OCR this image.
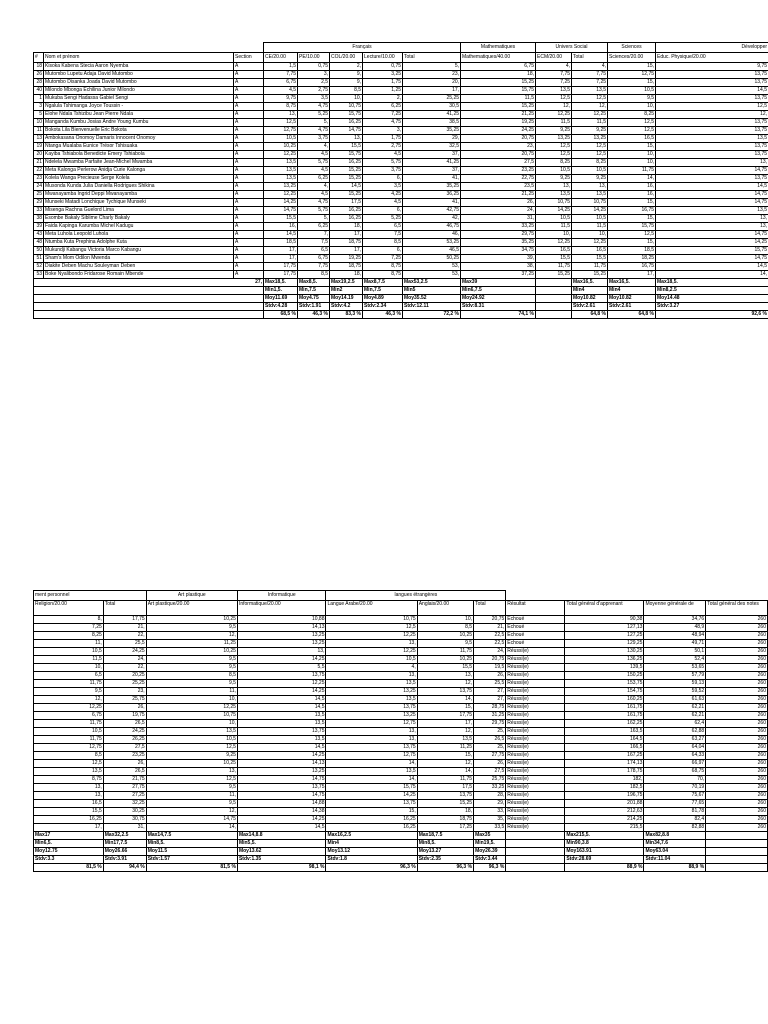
			Français					Mathematiques	Univers Social		Sciences	Développer	
#	Nom et prénom	Section	CE/20.00	PE/10.00	COL/20.00	Lecture/10.00	Total	Mathematiques/40.00	ECM/20.00	Total	Sciences/20.00	Educ. Physique/20.00	
18	Kisoka Kabena Stecia Aaron Nyemba	A	1,5	0,75	2,	0,75	5,	6,75	4,	4,	15,	9,75	
26	Mutombo Lupetu Adaja David Mutombo	A	7,75	3,	9,	3,25	23,	18,	7,75	7,75	12,75	13,75	
28	Mutombo Disanka Joada David Mutombo	A	6,75	2,5	9,	1,75	20,	15,25	7,25	7,25	15,	13,75	
40	Milondo Mbonga Echilina Junior Milondo	A	4,5	2,75	8,5	1,25	17,	15,75	13,5	13,5	10,5	14,5	
1	Mukuba Sengi Hadassa Gabiel Sengi	A	9,75	3,5	10,	2,	25,25	11,5	12,5	12,5	9,5	13,75	
3	Ngalula Tshimanga Joyce Toussin -	A	8,75	4,75	10,75	6,25	30,5	15,25	12,	12,	10,	12,5	
5	Elohe Ndala Tshizibu Jean Pierre Ndala	A	13,	5,25	15,75	7,25	41,25	21,25	12,25	12,25	8,25	12,	
10	Manganda Kumbu Josias Andre Young Kumbu	A	12,5	5,	16,25	4,75	38,5	19,25	11,5	11,5	12,5	13,75	
11	Bokota Lila Bienvenuelle Eric Bokota	A	12,75	4,75	14,75	3,	35,25	24,25	9,25	9,25	12,5	13,75	
13	Ambokasana Onomoy Damaris Innocent Onomoy	A	10,5	3,75	13,	1,75	29,	20,75	13,25	13,25	16,5	13,5	
19	Ntanga Mualaba Eunice Trésor Tshisuaka	A	10,25	4,	15,5	2,75	32,5	23,	12,5	12,5	15,	13,75	
20	Kayiba Tshiabola Benedicte Emery Tshiabola	A	12,25	4,5	15,75	4,5	37,	20,75	12,5	12,5	10,	13,75	
21	Ndelela Mwamba Parfaite Jean-Michel Mwamba	A	13,5	5,75	16,25	5,75	41,25	27,5	8,25	8,25	10,	13,	
22	Meta Kalonga Perlerow Anidja Curie Kalonga	A	13,5	4,5	15,25	3,75	37,	23,25	10,5	10,5	11,75	14,75	
23	Kolela Wanga Precieuse Serge Kolela	A	13,5	6,25	15,25	6,	41,	22,75	9,25	9,25	14,	13,75	
24	Musonda Kunda Julia Daniella Rodrigues Shikina	A	13,25	4,	14,5	3,5	35,25	23,5	13,	13,	16,	14,5	
25	Mwanayamba Ingrid Deppi Mwanayamba	A	12,25	4,5	15,25	4,25	36,25	21,25	13,5	13,5	16,	14,75	
29	Munseki Matadi Lonchique Tychique Munseki	A	14,25	4,75	17,5	4,5	41,	26,	10,75	10,75	15,	14,75	
33	Misenga Rachna Guelord Lima	A	14,75	5,75	16,25	6,	42,75	24,	14,25	14,25	16,75	13,5	
38	Esombe Bakaly Siblime Charly Bakaly	A	15,5	5,	16,25	5,25	42,	31,	10,5	10,5	15,	13,	
39	Faida Kapinga Karumba Michel Kadugu	A	16,	6,25	18,	6,5	46,75	33,25	11,5	11,5	15,75	13,	
43	Meta Luhola Leopold Luhola	A	14,5	7,	17,	7,5	46,	29,75	10,	10,	12,5	14,75	
48	Ntumba Kuta Prephina Adolphe Kuta	A	18,5	7,5	18,75	8,5	53,25	35,25	12,25	12,25	15,	14,25	
50	Mukundji Kabangu Victoria Marco Kabangu	A	17,	6,5	17,	6,	46,5	34,75	16,5	16,5	18,5	15,75	
51	Sham's Mom Odilon Mwenda	A	17,	6,75	19,25	7,25	50,25	39,	15,5	15,5	18,25	14,75	
52	Diakite Deben Machu Souleyman Deben	A	17,75	7,75	18,75	8,75	53,	38,	11,75	11,75	16,75	14,5	
53	Boke Nyalibondo Fridarose Romain Mbende	A	17,75	8,5	18,	8,75	53,	37,25	15,25	15,25	17,	14,	
27,			Max18,5.	Max8,5.	Max19,2.5	Max8,7.5	Max53,2.5	Max39		Max16,5.	Max16,5.	Max18,5.	
			Min1,5.	Min,7.5	Min2	Min,7.5	Min5	Min6,7.5		Min4	Min4	Min8,2.5	
			Moy11.69	Moy4.75	Moy14.19	Moy4.89	Moy35.52	Moy24.92		Moy10.82	Moy10.82	Moy14.48	
			Stdv:4.28	Stdv:1.91	Stdv:4.2	Stdv:2.34	Stdv:12.11	Stdv:8.31		Stdv:2.61	Stdv:2.61	Stdv:3.27	
			68,5 %	46,3 %	83,3 %	46,3 %	72,2 %	74,1 %		64,8 %	64,8 %	92,6 %	
ment personnel		Art plastique	Informatique	langues étrangères						
Religion/20.00	Total	Art plastique/20.00	Informatique/20.00	Langue Arabe/20.00	Anglais/20.00	Total	Résultat	Total général d'apprenant	Moyenne générale de	Total général des notes
8,	17,75	10,25	10,88	10,75	10,	20,75	Echoué	90,38	34,76	260
7,25	21,	9,5	14,13	12,5	8,5	21,	Echoué	127,13	48,9	260
8,25	22,	12,	13,25	12,25	10,25	22,5	Echoué	127,25	48,94	260
11,	25,5	11,25	13,25	13,	9,5	22,5	Echoué	129,25	49,71	260
10,5	24,25	10,25	13,	12,25	11,75	24,	Réussi(e)	130,25	50,1	260
11,5	24,	9,5	14,25	10,5	10,25	20,75	Réussi(e)	136,25	52,4	260
10,	22,	9,5	5,5	4,	15,5	19,5	Réussi(e)	139,5	53,65	260
6,5	20,25	8,5	13,75	13,	13,	26,	Réussi(e)	150,25	57,79	260
11,75	25,25	9,5	12,25	13,5	12,	25,5	Réussi(e)	153,75	59,13	260
9,5	23,	11,	14,25	13,25	13,75	27,	Réussi(e)	154,75	59,52	260
12,	25,75	10,	14,5	13,5	14,	27,	Réussi(e)	160,25	61,63	260
12,25	26,	12,25	14,5	13,75	15,	28,75	Réussi(e)	161,75	62,21	260
6,75	19,75	10,75	13,5	13,25	17,75	31,25	Réussi(e)	161,75	62,21	260
11,75	26,5	10,	13,5	12,75	17,	29,75	Réussi(e)	162,25	62,4	260
10,5	24,25	13,5	13,75	13,	12,	25,	Réussi(e)	163,5	62,88	260
11,75	26,25	10,5	13,5	13,	13,5	26,5	Réussi(e)	164,5	63,27	260
12,75	27,5	12,5	14,5	13,75	11,25	25,	Réussi(e)	166,5	64,04	260
8,5	23,25	9,25	14,25	12,75	15,	27,75	Réussi(e)	167,25	64,33	260
12,5	26,	10,25	14,13	14,	12,	26,	Réussi(e)	174,13	66,97	260
13,5	26,5	13,	13,25	13,5	14,	27,5	Réussi(e)	178,75	68,75	260
8,75	21,75	12,5	14,75	14,	11,75	25,75	Réussi(e)	182,	70,	260
13,	27,75	9,5	13,75	15,75	17,5	33,25	Réussi(e)	182,5	70,19	260
13,	27,25	11,	14,75	14,25	13,75	28,	Réussi(e)	196,75	75,67	260
16,5	32,25	9,5	14,88	13,75	15,25	29,	Réussi(e)	201,88	77,65	260
15,5	30,25	12,	14,38	15,	18,	33,	Réussi(e)	212,63	81,78	260
16,25	30,75	14,75	14,25	16,25	18,75	35,	Réussi(e)	214,25	82,4	260
17,	31,	14,	14,5	16,25	17,25	33,5	Réussi(e)	215,5	82,88	260
Max17	Max32,2.5	Max14,7.5	Max14,8.8	Max16,2.5	Max18,7.5	Max35		Max215,5.	Max82,8.8	
Min6,5.	Min17,7.5	Min8,5.	Min5,5.	Min4	Min8,5.	Min19,5.		Min90,3.8	Min34,7.6	
Moy12.75	Moy26.66	Moy11.5	Moy13.62	Moy13.12	Moy13.27	Moy26.39		Moy163.91	Moy63.04	
Stdv:3.3	Stdv:3.91	Stdv:1.57	Stdv:1.35	Stdv:1.8	Stdv:2.35	Stdv:3.44		Stdv:28.69	Stdv:11.04	
81,5 %	94,4 %	81,5 %	98,1 %	96,3 %	96,3 %	96,3 %		88,9 %	88,9 %	
